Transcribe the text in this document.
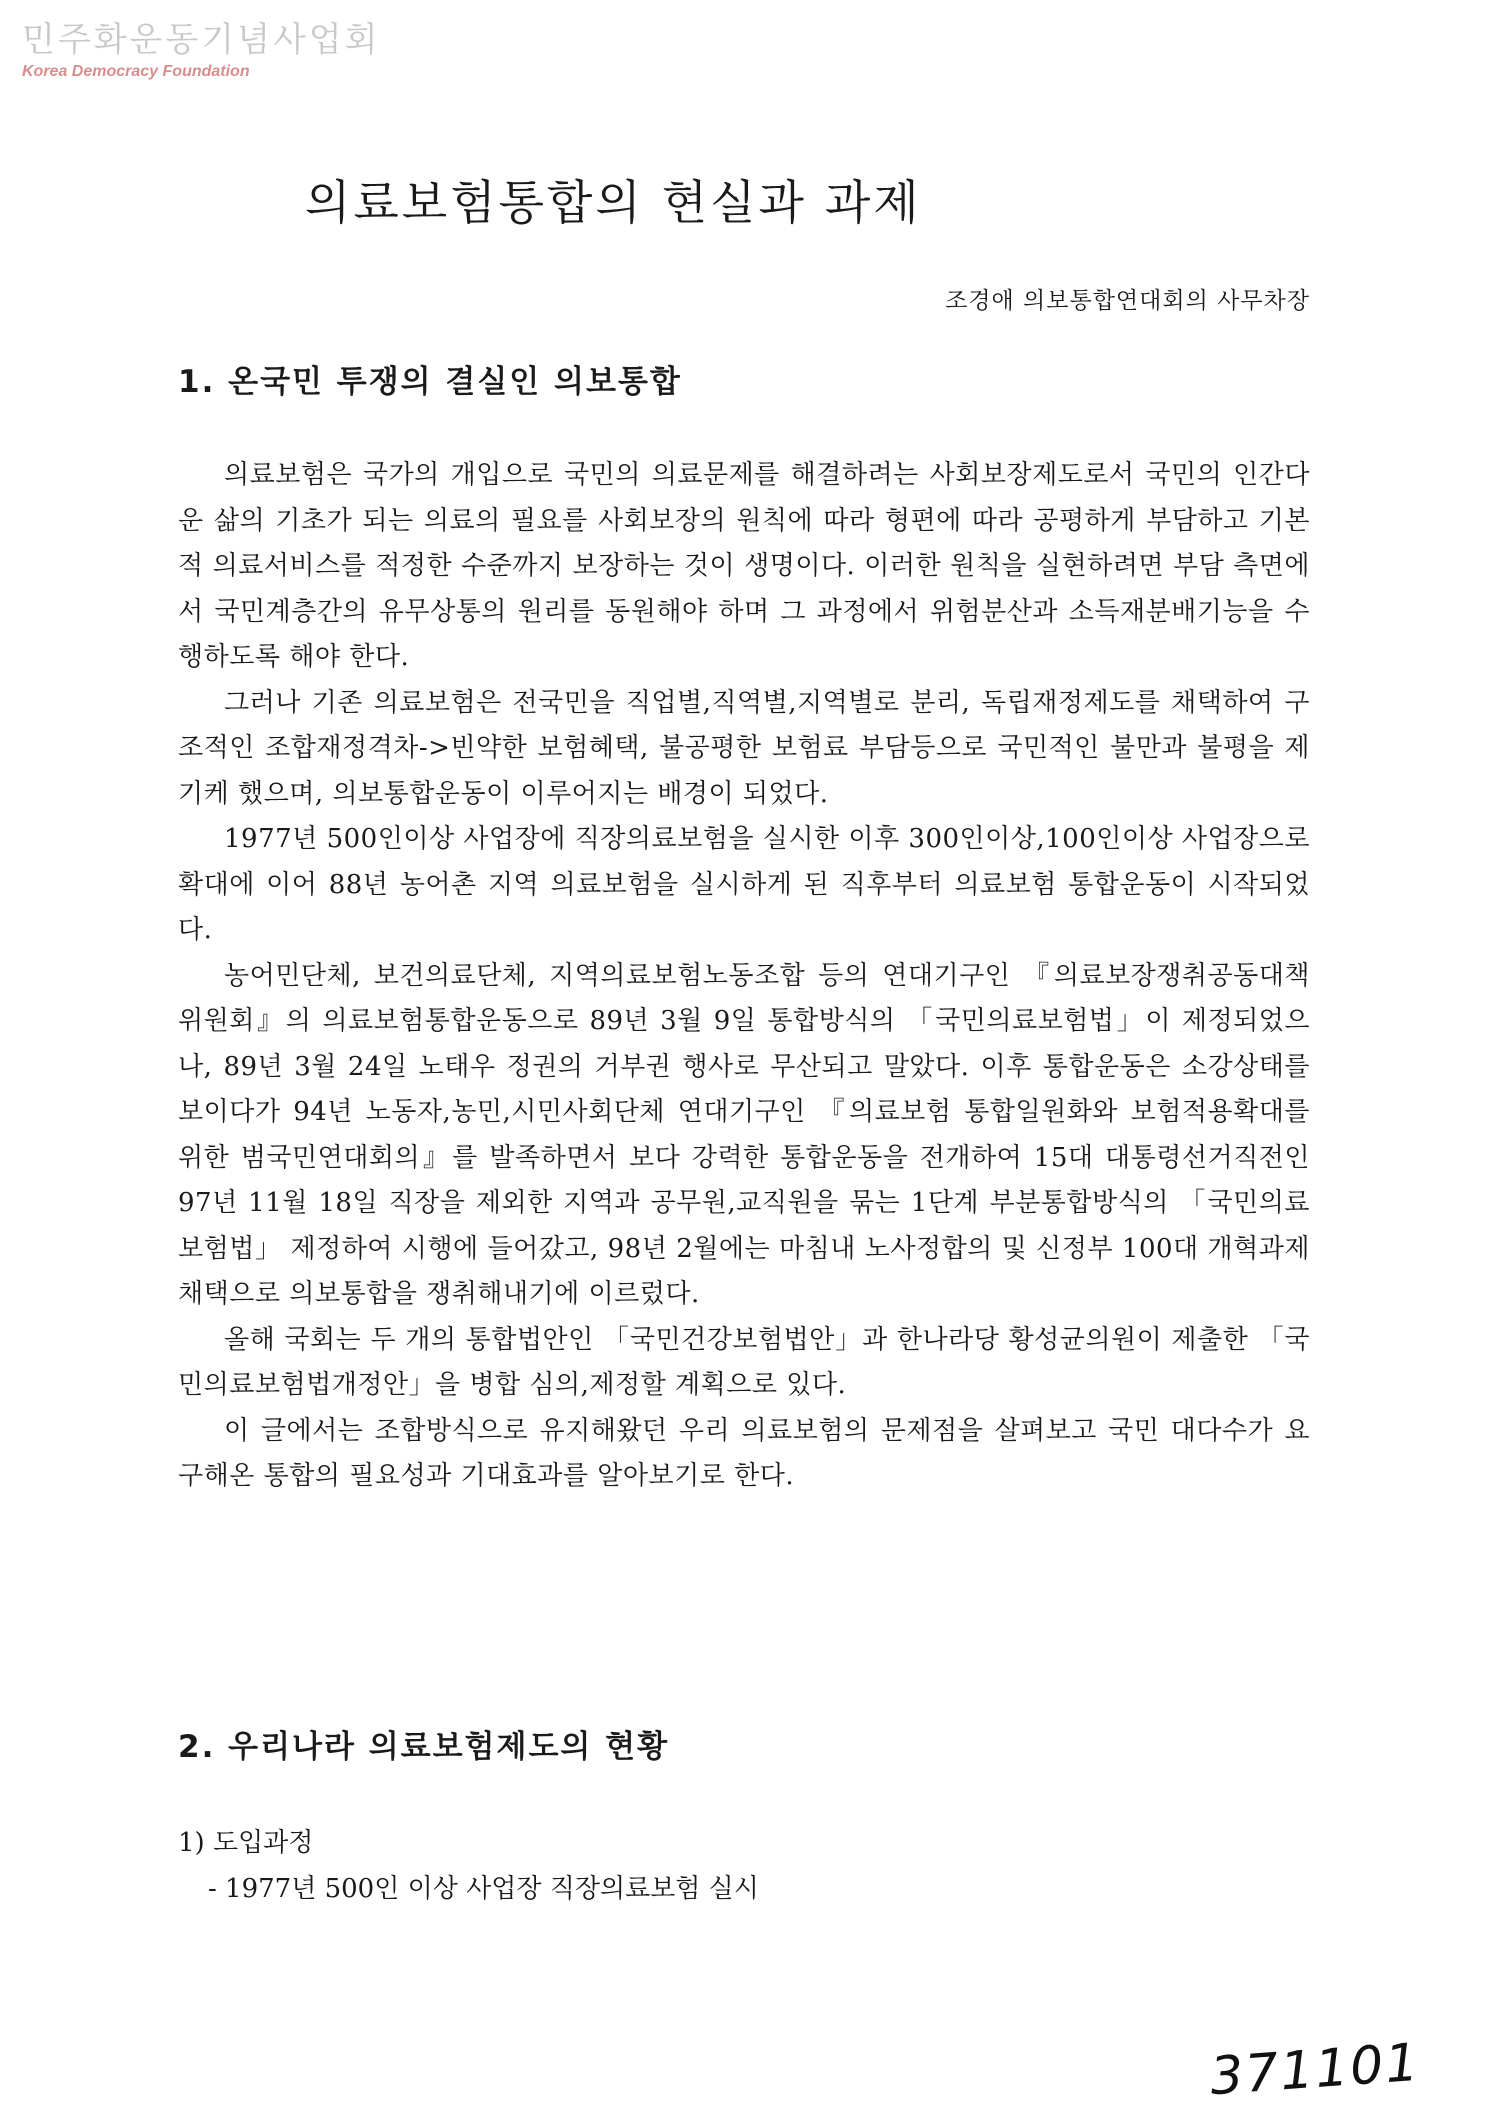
민주화운동기념사업회
Korea Democracy Foundation
의료보험통합의 현실과 과제
조경애 의보통합연대회의 사무차장
1. 온국민 투쟁의 결실인 의보통합

의료보험은 국가의 개입으로 국민의 의료문제를 해결하려는 사회보장제도로서 국민의 인간다운 삶의 기초가 되는 의료의 필요를 사회보장의 원칙에 따라 형편에 따라 공평하게 부담하고 기본적 의료서비스를 적정한 수준까지 보장하는 것이 생명이다. 이러한 원칙을 실현하려면 부담 측면에서 국민계층간의 유무상통의 원리를 동원해야 하며 그 과정에서 위험분산과 소득재분배기능을 수행하도록 해야 한다.

그러나 기존 의료보험은 전국민을 직업별,직역별,지역별로 분리, 독립재정제도를 채택하여 구조적인 조합재정격차->빈약한 보험혜택, 불공평한 보험료 부담등으로 국민적인 불만과 불평을 제기케 했으며, 의보통합운동이 이루어지는 배경이 되었다.

1977년 500인이상 사업장에 직장의료보험을 실시한 이후 300인이상,100인이상 사업장으로 확대에 이어 88년 농어촌 지역 의료보험을 실시하게 된 직후부터 의료보험 통합운동이 시작되었다.

농어민단체, 보건의료단체, 지역의료보험노동조합 등의 연대기구인 『의료보장쟁취공동대책위원회』의 의료보험통합운동으로 89년 3월 9일 통합방식의 「국민의료보험법」이 제정되었으나, 89년 3월 24일 노태우 정권의 거부권 행사로 무산되고 말았다. 이후 통합운동은 소강상태를 보이다가 94년 노동자,농민,시민사회단체 연대기구인 『의료보험 통합일원화와 보험적용확대를 위한 범국민연대회의』를 발족하면서 보다 강력한 통합운동을 전개하여 15대 대통령선거직전인 97년 11월 18일 직장을 제외한 지역과 공무원,교직원을 묶는 1단계 부분통합방식의 「국민의료보험법」 제정하여 시행에 들어갔고, 98년 2월에는 마침내 노사정합의 및 신정부 100대 개혁과제 채택으로 의보통합을 쟁취해내기에 이르렀다.

올해 국회는 두 개의 통합법안인 「국민건강보험법안」과 한나라당 황성균의원이 제출한 「국민의료보험법개정안」을 병합 심의,제정할 계획으로 있다.

이 글에서는 조합방식으로 유지해왔던 우리 의료보험의 문제점을 살펴보고 국민 대다수가 요구해온 통합의 필요성과 기대효과를 알아보기로 한다.

2. 우리나라 의료보험제도의 현황
1) 도입과정
- 1977년 500인 이상 사업장 직장의료보험 실시
371101
